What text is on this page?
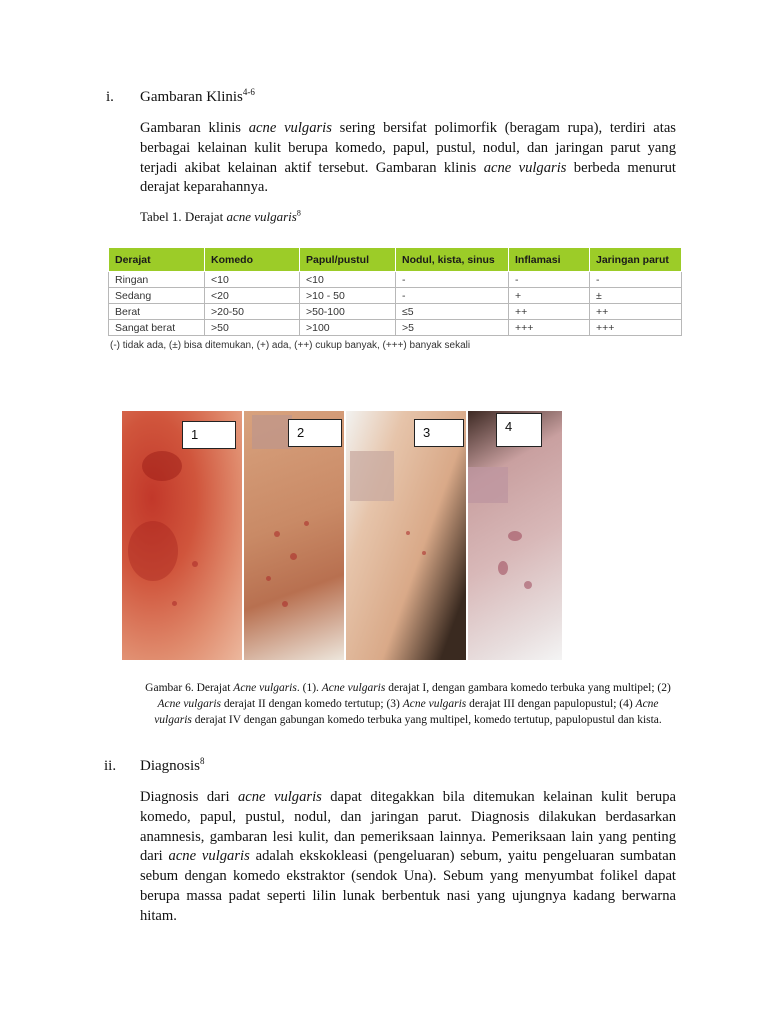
i. Gambaran Klinis$^{4-6}$
Gambaran klinis acne vulgaris sering bersifat polimorfik (beragam rupa), terdiri atas berbagai kelainan kulit berupa komedo, papul, pustul, nodul, dan jaringan parut yang terjadi akibat kelainan aktif tersebut. Gambaran klinis acne vulgaris berbeda menurut derajat keparahannya.
Tabel 1. Derajat acne vulgaris$^8$
Derajat	Komedo	Papul/pustul	Nodul, kista, sinus	Inflamasi	Jaringan parut
Ringan	<10	<10	-	-	-
Sedang	<20	>10 - 50	-	+	±
Berat	>20-50	>50-100	≤5	++	++
Sangat berat	>50	>100	>5	+++	+++
(-) tidak ada, (±) bisa ditemukan, (+) ada, (++) cukup banyak, (+++) banyak sekali
1	2	3	4
Gambar 6. Derajat Acne vulgaris. (1). Acne vulgaris derajat I, dengan gambara komedo terbuka yang multipel; (2) Acne vulgaris derajat II dengan komedo tertutup; (3) Acne vulgaris derajat III dengan papulopustul; (4) Acne vulgaris derajat IV dengan gabungan komedo terbuka yang multipel, komedo tertutup, papulopustul dan kista.
ii. Diagnosis$^8$
Diagnosis dari acne vulgaris dapat ditegakkan bila ditemukan kelainan kulit berupa komedo, papul, pustul, nodul, dan jaringan parut. Diagnosis dilakukan berdasarkan anamnesis, gambaran lesi kulit, dan pemeriksaan lainnya. Pemeriksaan lain yang penting dari acne vulgaris adalah ekskokleasi (pengeluaran) sebum, yaitu pengeluaran sumbatan sebum dengan komedo ekstraktor (sendok Una). Sebum yang menyumbat folikel dapat berupa massa padat seperti lilin lunak berbentuk nasi yang ujungnya kadang berwarna hitam.
